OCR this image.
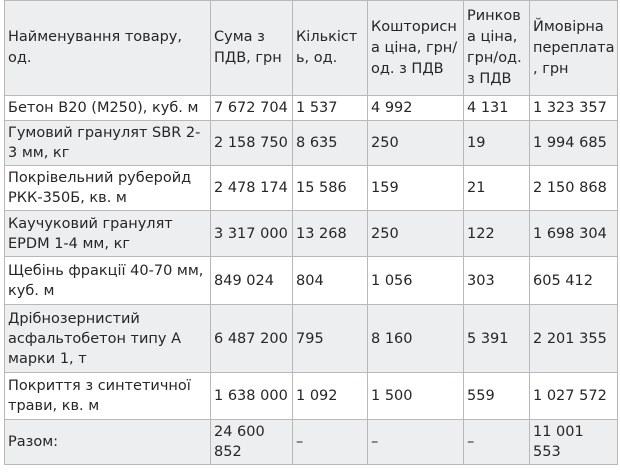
Найменування товару, од.	Сума з ПДВ, грн	Кількість, од.	Кошторисна ціна, грн/ од. з ПДВ	Ринкова ціна, грн/од. з ПДВ	Ймовірна переплата, грн
Бетон В20 (М250), куб. м	7 672 704	1 537	4 992	4 131	1 323 357
Гумовий гранулят SBR 2-3 мм, кг	2 158 750	8 635	250	19	1 994 685
Покрівельний руберойд РКК-350Б, кв. м	2 478 174	15 586	159	21	2 150 868
Каучуковий гранулят EPDM 1-4 мм, кг	3 317 000	13 268	250	122	1 698 304
Щебінь фракції 40-70 мм, куб. м	849 024	804	1 056	303	605 412
Дрібнозернистий асфальтобетон типу А марки 1, т	6 487 200	795	8 160	5 391	2 201 355
Покриття з синтетичної трави, кв. м	1 638 000	1 092	1 500	559	1 027 572
Разом:	24 600 852	–	–	–	11 001 553
